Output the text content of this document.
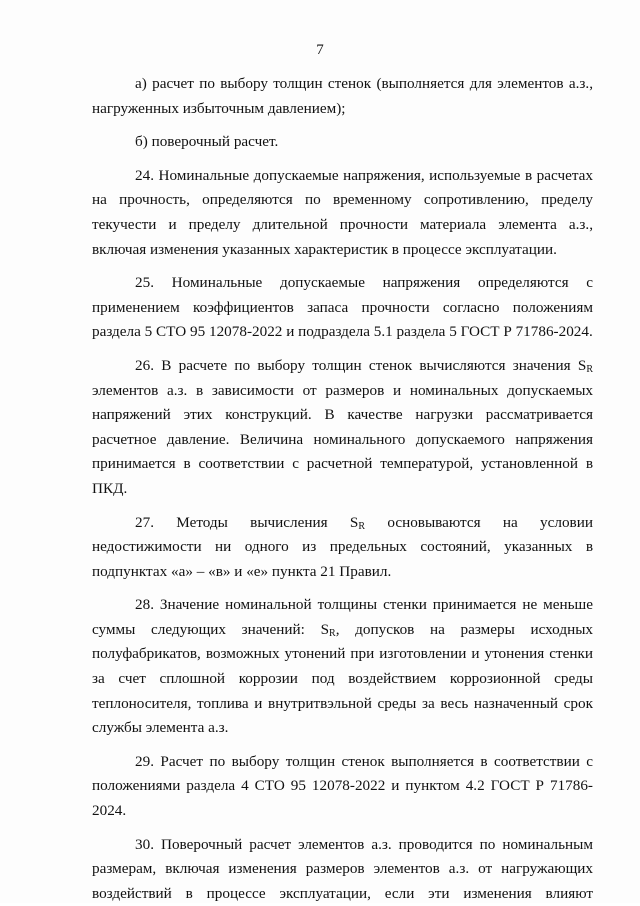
7

а) расчет по выбору толщин стенок (выполняется для элементов а.з., нагруженных избыточным давлением);

б) поверочный расчет.

24. Номинальные допускаемые напряжения, используемые в расчетах на прочность, определяются по временному сопротивлению, пределу текучести и пределу длительной прочности материала элемента а.з., включая изменения указанных характеристик в процессе эксплуатации.

25. Номинальные допускаемые напряжения определяются с применением коэффициентов запаса прочности согласно положениям раздела 5 СТО 95 12078-2022 и подраздела 5.1 раздела 5 ГОСТ Р 71786-2024.

26. В расчете по выбору толщин стенок вычисляются значения $S_R$ элементов а.з. в зависимости от размеров и номинальных допускаемых напряжений этих конструкций. В качестве нагрузки рассматривается расчетное давление. Величина номинального допускаемого напряжения принимается в соответствии с расчетной температурой, установленной в ПКД.

27. Методы вычисления $S_R$ основываются на условии недостижимости ни одного из предельных состояний, указанных в подпунктах «а» – «в» и «е» пункта 21 Правил.

28. Значение номинальной толщины стенки принимается не меньше суммы следующих значений: $S_R$, допусков на размеры исходных полуфабрикатов, возможных утонений при изготовлении и утонения стенки за счет сплошной коррозии под воздействием коррозионной среды теплоносителя, топлива и внутритвэльной среды за весь назначенный срок службы элемента а.з.

29. Расчет по выбору толщин стенок выполняется в соответствии с положениями раздела 4 СТО 95 12078-2022 и пунктом 4.2 ГОСТ Р 71786-2024.

30. Поверочный расчет элементов а.з. проводится по номинальным размерам, включая изменения размеров элементов а.з. от нагружающих воздействий в процессе эксплуатации, если эти изменения влияют
